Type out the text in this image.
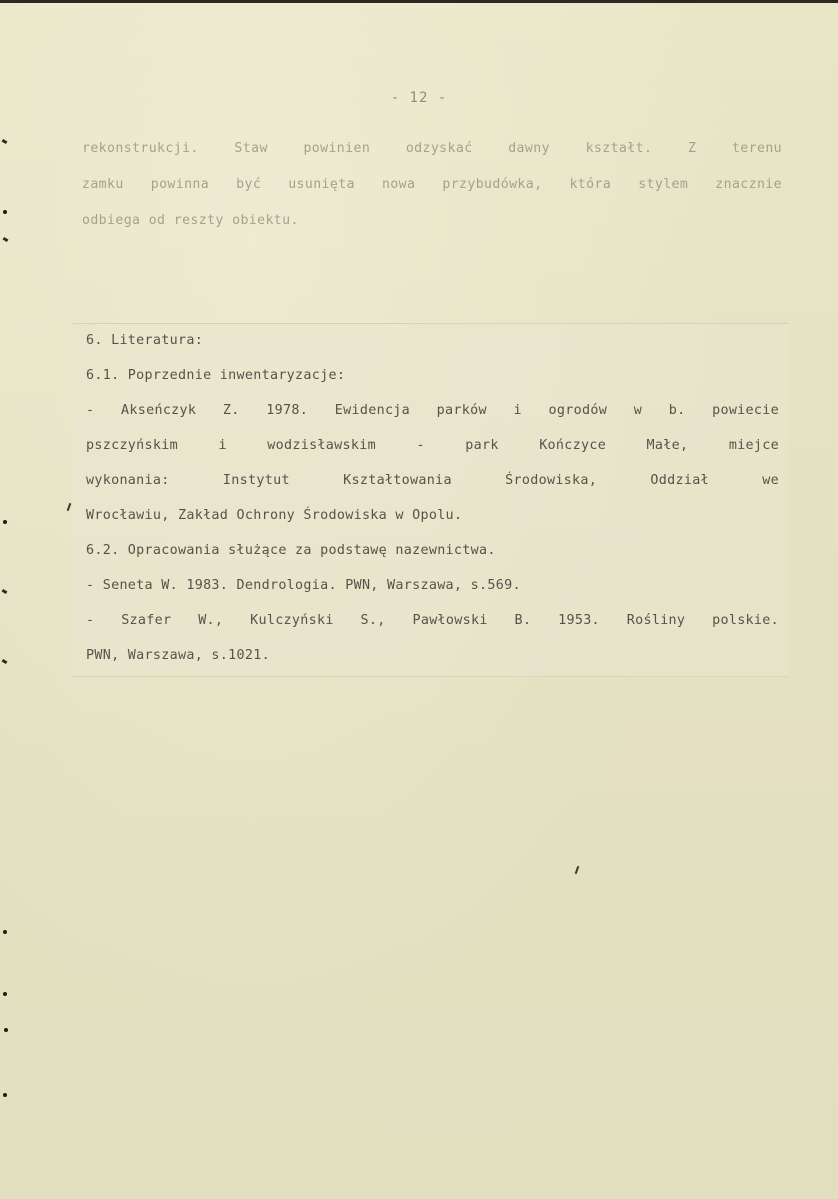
- 12 -
rekonstrukcji. Staw powinien odzyskać dawny kształt. Z terenu
zamku powinna być usunięta nowa przybudówka, która stylem znacznie
odbiega od reszty obiektu.
6. Literatura:
6.1. Poprzednie inwentaryzacje:
- Akseńczyk Z. 1978. Ewidencja parków i ogrodów w b. powiecie
pszczyńskim i wodzisławskim - park Kończyce Małe, miejce
wykonania: Instytut Kształtowania Środowiska, Oddział we
Wrocławiu, Zakład Ochrony Środowiska w Opolu.
6.2. Opracowania służące za podstawę nazewnictwa.
- Seneta W. 1983. Dendrologia. PWN, Warszawa, s.569.
- Szafer W., Kulczyński S., Pawłowski B. 1953. Rośliny polskie.
PWN, Warszawa, s.1021.
